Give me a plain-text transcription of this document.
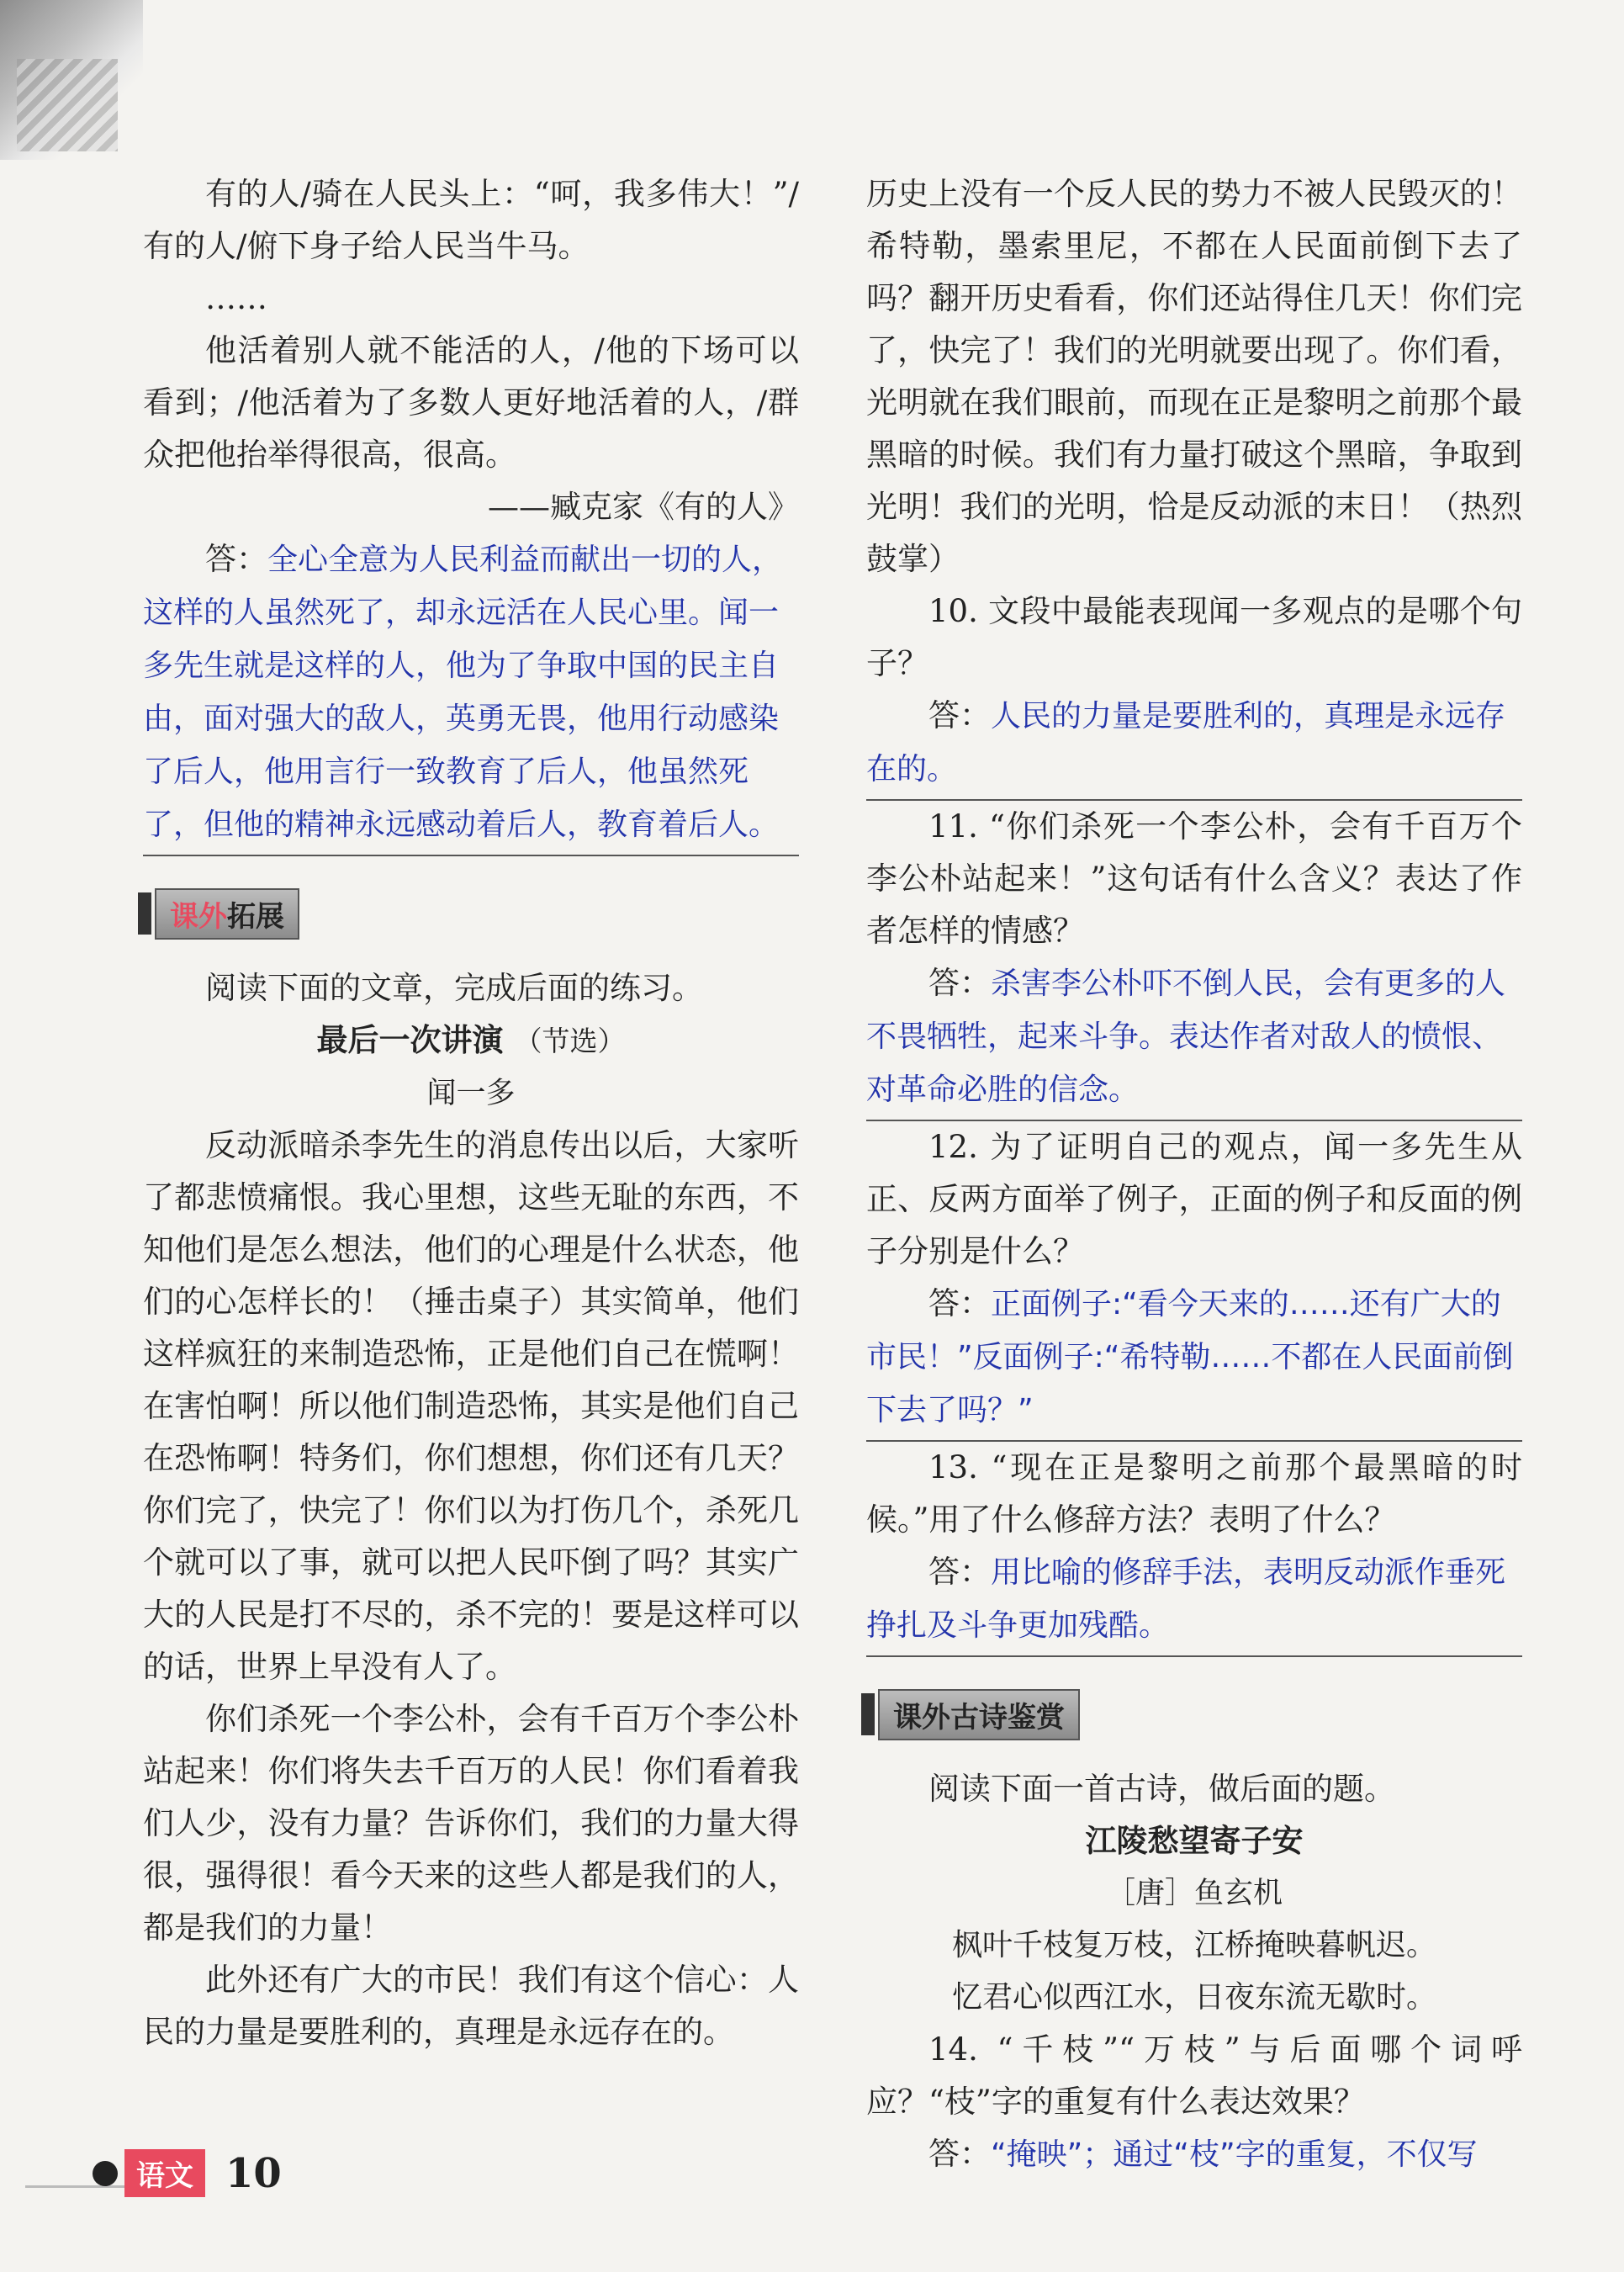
有的人/骑在人民头上：“呵，我多伟大！”/有的人/俯下身子给人民当牛马。

……

他活着别人就不能活的人，/他的下场可以看到；/他活着为了多数人更好地活着的人，/群众把他抬举得很高，很高。

——臧克家《有的人》

答：全心全意为人民利益而献出一切的人，这样的人虽然死了，却永远活在人民心里。闻一多先生就是这样的人，他为了争取中国的民主自由，面对强大的敌人，英勇无畏，他用行动感染了后人，他用言行一致教育了后人，他虽然死了，但他的精神永远感动着后人，教育着后人。

课外拓展

阅读下面的文章，完成后面的练习。

最后一次讲演 （节选）

闻一多

反动派暗杀李先生的消息传出以后，大家听了都悲愤痛恨。我心里想，这些无耻的东西，不知他们是怎么想法，他们的心理是什么状态，他们的心怎样长的！（捶击桌子）其实简单，他们这样疯狂的来制造恐怖，正是他们自己在慌啊！在害怕啊！所以他们制造恐怖，其实是他们自己在恐怖啊！特务们，你们想想，你们还有几天？你们完了，快完了！你们以为打伤几个，杀死几个就可以了事，就可以把人民吓倒了吗？其实广大的人民是打不尽的，杀不完的！要是这样可以的话，世界上早没有人了。

你们杀死一个李公朴，会有千百万个李公朴站起来！你们将失去千百万的人民！你们看着我们人少，没有力量？告诉你们，我们的力量大得很，强得很！看今天来的这些人都是我们的人，都是我们的力量！

此外还有广大的市民！我们有这个信心：人民的力量是要胜利的，真理是永远存在的。

历史上没有一个反人民的势力不被人民毁灭的！希特勒，墨索里尼，不都在人民面前倒下去了吗？翻开历史看看，你们还站得住几天！你们完了，快完了！我们的光明就要出现了。你们看，光明就在我们眼前，而现在正是黎明之前那个最黑暗的时候。我们有力量打破这个黑暗，争取到光明！我们的光明，恰是反动派的末日！（热烈鼓掌）

10. 文段中最能表现闻一多观点的是哪个句子？

答：人民的力量是要胜利的，真理是永远存在的。

11. “你们杀死一个李公朴，会有千百万个李公朴站起来！”这句话有什么含义？表达了作者怎样的情感？

答：杀害李公朴吓不倒人民，会有更多的人不畏牺牲，起来斗争。表达作者对敌人的愤恨、对革命必胜的信念。

12. 为了证明自己的观点，闻一多先生从正、反两方面举了例子，正面的例子和反面的例子分别是什么？

答：正面例子:“看今天来的……还有广大的市民！”反面例子:“希特勒……不都在人民面前倒下去了吗？”

13. “现在正是黎明之前那个最黑暗的时候。”用了什么修辞方法？表明了什么？

答：用比喻的修辞手法，表明反动派作垂死挣扎及斗争更加残酷。

课外古诗鉴赏

阅读下面一首古诗，做后面的题。

江陵愁望寄子安

［唐］鱼玄机

枫叶千枝复万枝，江桥掩映暮帆迟。

忆君心似西江水，日夜东流无歇时。

14. “千枝”“万枝”与后面哪个词呼应？“枝”字的重复有什么表达效果？

答：“掩映”；通过“枝”字的重复，不仅写

语文 10
